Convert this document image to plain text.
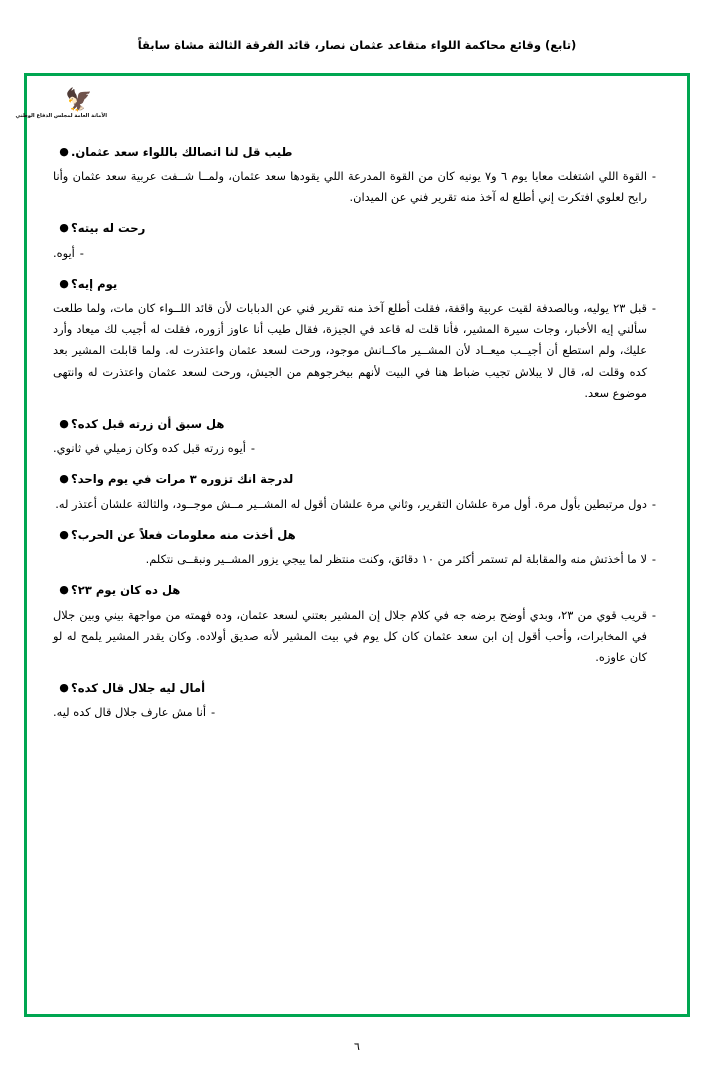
(تابع) وقائع محاكمة اللواء متقاعد عثمان نصار، قائد الفرقة الثالثة مشاة سابقاً
🦅
الأمانة العامة لمجلس الدفاع الوطني
طيب قل لنا اتصالك باللواء سعد عثمان.
●
-
القوة اللي اشتغلت معايا يوم ٦ و٧ يونيه كان من القوة المدرعة اللي يقودها سعد عثمان، ولمــا شــفت عربية سعد عثمان وأنا رايح لعلوي افتكرت إني أطلع له آخذ منه تقرير فني عن الميدان.
رحت له بيته؟
●
-
أيوه.
يوم إيه؟
●
-
قبل ٢٣ يوليه، وبالصدفة لقيت عربية واقفة، فقلت أطلع آخذ منه تقرير فني عن الدبابات لأن قائد اللــواء كان مات، ولما طلعت سألني إيه الأخبار، وجات سيرة المشير، فأنا قلت له قاعد في الجيزة، فقال طيب أنا عاوز أزوره، فقلت له أجيب لك ميعاد وأرد عليك، ولم استطع أن أجيــب ميعــاد لأن المشــير ماكــانش موجود، ورحت لسعد عثمان واعتذرت له. ولما قابلت المشير بعد كده وقلت له، قال لا يبلاش تجيب ضباط هنا في البيت لأنهم بيخرجوهم من الجيش، ورحت لسعد عثمان واعتذرت له وانتهى موضوع سعد.
هل سبق أن زرته قبل كده؟
●
-
أيوه زرته قبل كده وكان زميلي في ثانوي.
لدرجة انك تزوره ٣ مرات في يوم واحد؟
●
-
دول مرتبطين بأول مرة. أول مرة علشان التقرير، وثاني مرة علشان أقول له المشــير مــش موجــود، والثالثة علشان أعتذر له.
هل أخذت منه معلومات فعلاً عن الحرب؟
●
-
لا ما أخذتش منه والمقابلة لم تستمر أكثر من ١٠ دقائق، وكنت منتظر لما ييجي يزور المشــير ونبقــى نتكلم.
هل ده كان يوم ٢٣؟
●
-
قريب قوي من ٢٣، وبدي أوضح برضه جه في كلام جلال إن المشير بعتني لسعد عثمان، وده فهمته من مواجهة بيني وبين جلال في المخابرات، وأحب أقول إن ابن سعد عثمان كان كل يوم في بيت المشير لأنه صديق أولاده. وكان يقدر المشير يلمح له لو كان عاوزه.
أمال ليه جلال قال كده؟
●
-
أنا مش عارف جلال قال كده ليه.
٦
